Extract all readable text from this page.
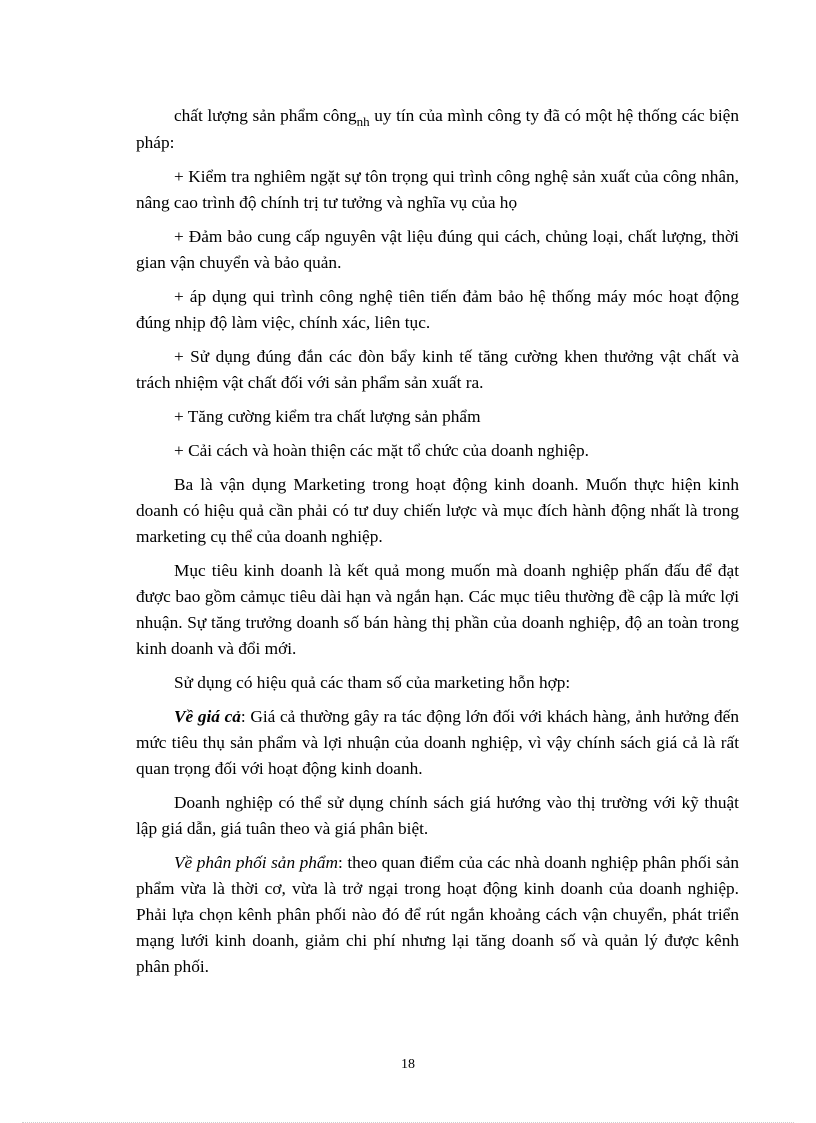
chất lượng sản phẩm công$_{nh}$ uy tín của mình công ty đã có một hệ thống các biện pháp:

+ Kiểm tra nghiêm ngặt sự tôn trọng qui trình công nghệ sản xuất của công nhân, nâng cao trình độ chính trị tư tưởng và nghĩa vụ của họ

+ Đảm bảo cung cấp nguyên vật liệu đúng qui cách, chủng loại, chất lượng, thời gian vận chuyển và bảo quản.

+ áp dụng qui trình công nghệ tiên tiến đảm bảo hệ thống máy móc hoạt động đúng nhịp độ làm việc, chính xác, liên tục.

+ Sử dụng đúng đắn các đòn bẩy kinh tế tăng cường khen thưởng vật chất và trách nhiệm vật chất đối với sản phẩm sản xuất ra.

+ Tăng cường kiểm tra chất lượng sản phẩm

+ Cải cách và hoàn thiện các mặt tổ chức của doanh nghiệp.

Ba là vận dụng Marketing trong hoạt động kinh doanh. Muốn thực hiện kinh doanh có hiệu quả cần phải có tư duy chiến lược và mục đích hành động nhất là trong marketing cụ thể của doanh nghiệp.

Mục tiêu kinh doanh là kết quả mong muốn mà doanh nghiệp phấn đấu để đạt được bao gồm cảmục tiêu dài hạn và ngắn hạn. Các mục tiêu thường đề cập là mức lợi nhuận. Sự tăng trưởng doanh số bán hàng thị phần của doanh nghiệp, độ an toàn trong kinh doanh và đổi mới.

Sử dụng có hiệu quả các tham số của marketing hỗn hợp:

Về giá cả: Giá cả thường gây ra tác động lớn đối với khách hàng, ảnh hưởng đến mức tiêu thụ sản phẩm và lợi nhuận của doanh nghiệp, vì vậy chính sách giá cả là rất quan trọng đối với hoạt động kinh doanh.

Doanh nghiệp có thể sử dụng chính sách giá hướng vào thị trường với kỹ thuật lập giá dẫn, giá tuân theo và giá phân biệt.

Về phân phối sản phẩm: theo quan điểm của các nhà doanh nghiệp phân phối sản phẩm vừa là thời cơ, vừa là trở ngại trong hoạt động kinh doanh của doanh nghiệp. Phải lựa chọn kênh phân phối nào đó để rút ngắn khoảng cách vận chuyển, phát triển mạng lưới kinh doanh, giảm chi phí nhưng lại tăng doanh số và quản lý được kênh phân phối.

18
